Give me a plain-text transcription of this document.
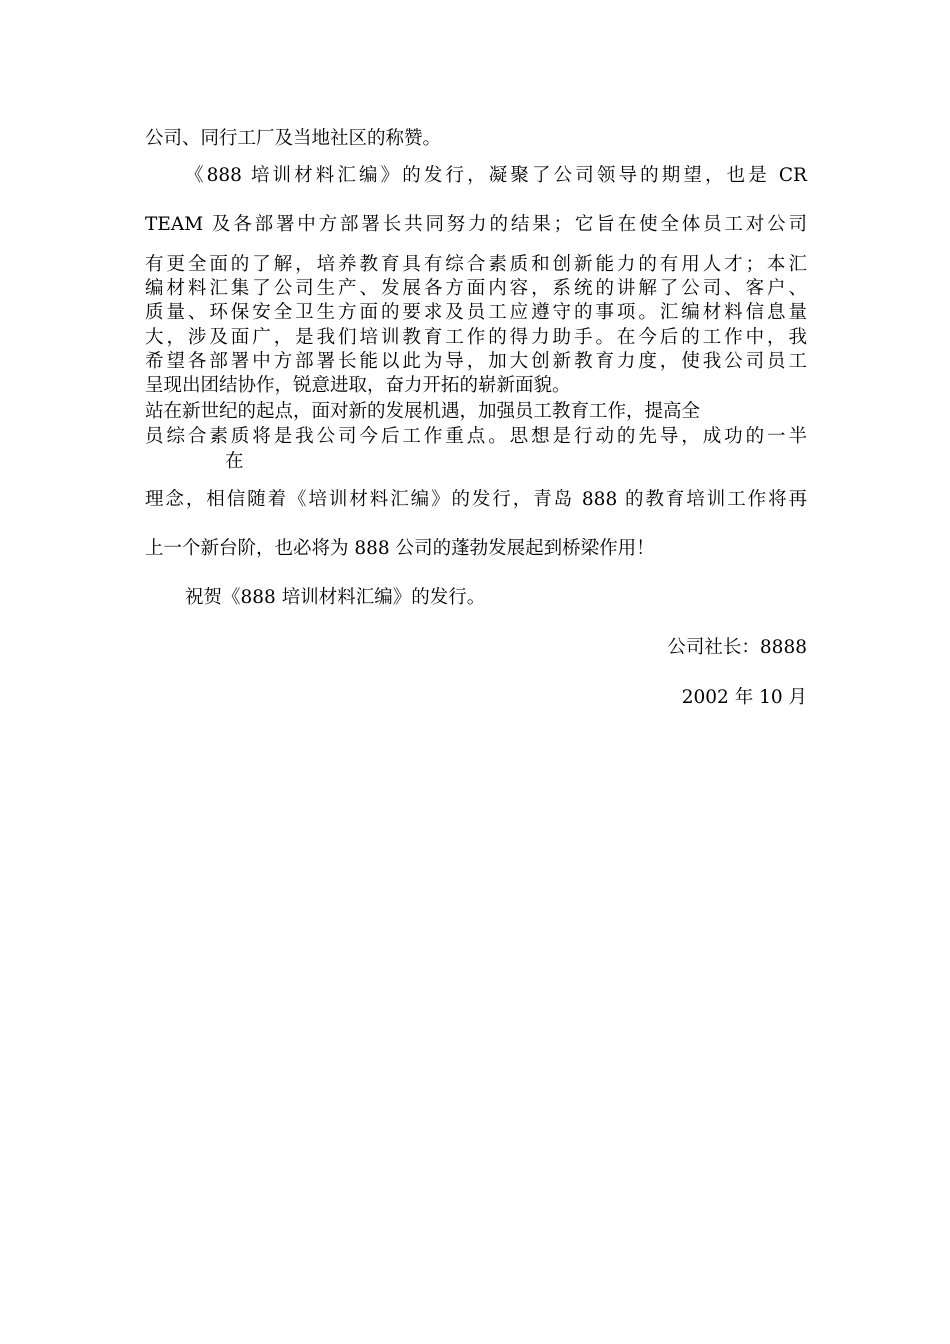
公司、同行工厂及当地社区的称赞。
《888 培训材料汇编》的发行，凝聚了公司领导的期望，也是 CR
TEAM 及各部署中方部署长共同努力的结果；它旨在使全体员工对公司
有更全面的了解，培养教育具有综合素质和创新能力的有用人才；本汇
编材料汇集了公司生产、发展各方面内容，系统的讲解了公司、客户、
质量、环保安全卫生方面的要求及员工应遵守的事项。汇编材料信息量
大，涉及面广，是我们培训教育工作的得力助手。在今后的工作中，我
希望各部署中方部署长能以此为导，加大创新教育力度，使我公司员工
呈现出团结协作，锐意进取，奋力开拓的崭新面貌。
站在新世纪的起点，面对新的发展机遇，加强员工教育工作，提高全
员综合素质将是我公司今后工作重点。思想是行动的先导，成功的一半
在
理念，相信随着《培训材料汇编》的发行，青岛 888 的教育培训工作将再
上一个新台阶，也必将为 888 公司的蓬勃发展起到桥梁作用！
祝贺《888 培训材料汇编》的发行。
公司社长：8888
2002 年 10 月
